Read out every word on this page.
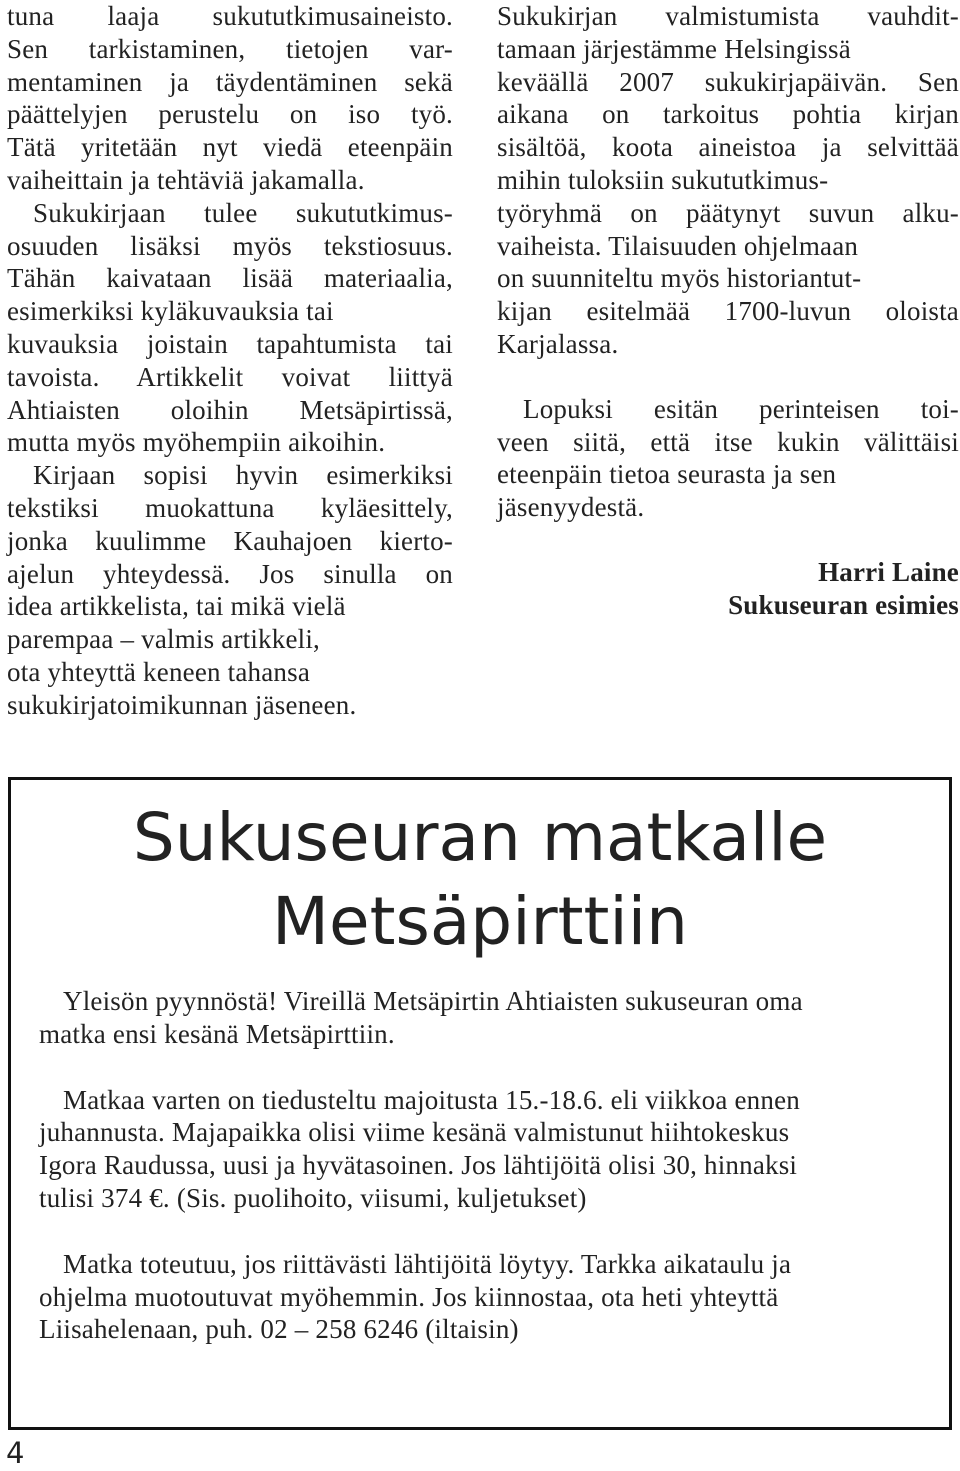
tuna laaja sukututkimusaineisto.
Sen tarkistaminen, tietojen var-
mentaminen ja täydentäminen sekä
päättelyjen perustelu on iso työ.
Tätä yritetään nyt viedä eteenpäin
vaiheittain ja tehtäviä jakamalla.
Sukukirjaan tulee sukututkimus-
osuuden lisäksi myös tekstiosuus.
Tähän kaivataan lisää materiaalia,
esimerkiksi kyläkuvauksia tai
kuvauksia joistain tapahtumista tai
tavoista. Artikkelit voivat liittyä
Ahtiaisten oloihin Metsäpirtissä,
mutta myös myöhempiin aikoihin.
Kirjaan sopisi hyvin esimerkiksi
tekstiksi muokattuna kyläesittely,
jonka kuulimme Kauhajoen kierto-
ajelun yhteydessä. Jos sinulla on
idea artikkelista, tai mikä vielä
parempaa – valmis artikkeli,
ota yhteyttä keneen tahansa
sukukirjatoimikunnan jäseneen.
Sukukirjan valmistumista vauhdit-
tamaan järjestämme Helsingissä
keväällä 2007 sukukirjapäivän. Sen
aikana on tarkoitus pohtia kirjan
sisältöä, koota aineistoa ja selvittää
mihin tuloksiin sukututkimus-
työryhmä on päätynyt suvun alku-
vaiheista. Tilaisuuden ohjelmaan
on suunniteltu myös historiantut-
kijan esitelmää 1700-luvun oloista
Karjalassa.
Lopuksi esitän perinteisen toi-
veen siitä, että itse kukin välittäisi
eteenpäin tietoa seurasta ja sen
jäsenyydestä.
Harri Laine
Sukuseuran esimies
Sukuseuran matkalle
Metsäpirttiin
Yleisön pyynnöstä! Vireillä Metsäpirtin Ahtiaisten sukuseuran oma
matka ensi kesänä Metsäpirttiin.
Matkaa varten on tiedusteltu majoitusta 15.-18.6. eli viikkoa ennen
juhannusta. Majapaikka olisi viime kesänä valmistunut hiihtokeskus
Igora Raudussa, uusi ja hyvätasoinen. Jos lähtijöitä olisi 30, hinnaksi
tulisi 374 €. (Sis. puolihoito, viisumi, kuljetukset)
Matka toteutuu, jos riittävästi lähtijöitä löytyy. Tarkka aikataulu ja
ohjelma muotoutuvat myöhemmin. Jos kiinnostaa, ota heti yhteyttä
Liisahelenaan, puh. 02 – 258 6246 (iltaisin)
4
